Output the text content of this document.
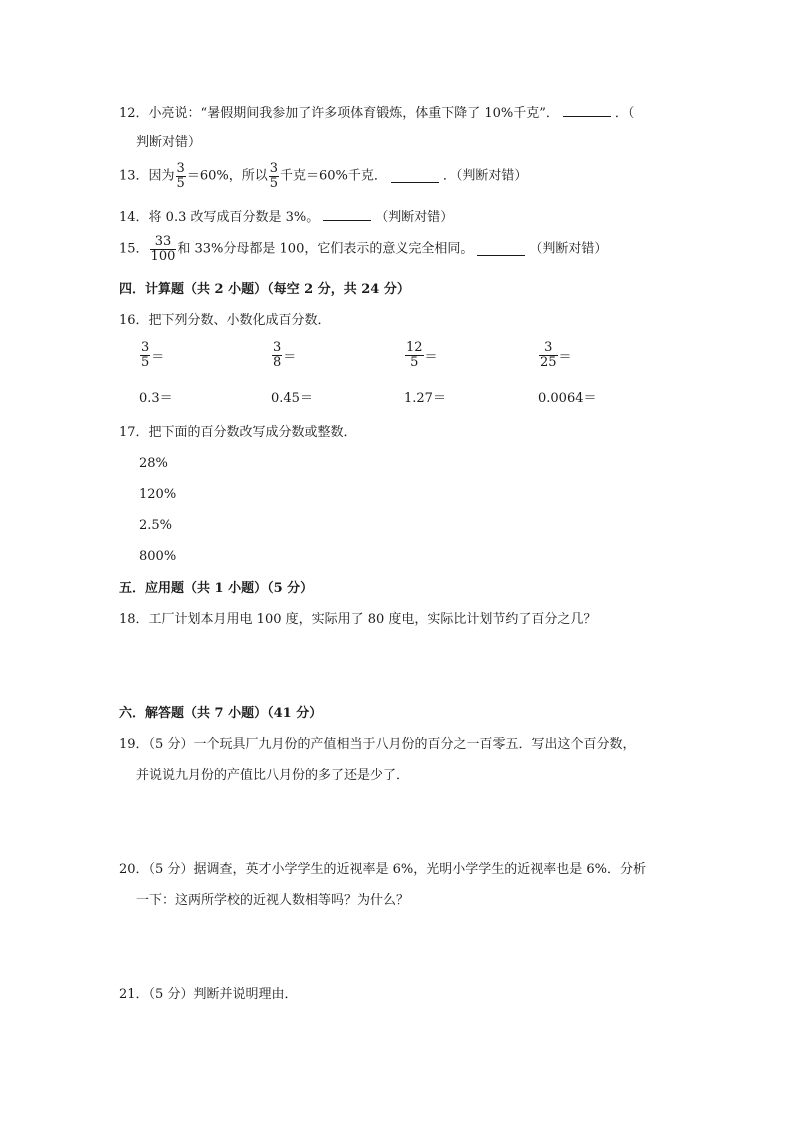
12．小亮说：“暑假期间我参加了许多项体育锻炼，体重下降了 10%千克”．	．（
判断对错）
13．因为 $\frac{3}{5} =60\%$，所以 $\frac{3}{5}$ 千克＝60%千克．	．（判断对错）
14．将 0.3 改写成百分数是 3%。	（判断对错）
15． $\frac{33}{100}$ 和 33%分母都是 100，它们表示的意义完全相同。	（判断对错）
四．计算题（共 2 小题）（每空 2 分，共 24 分）
16．把下列分数、小数化成百分数．
$\frac{3}{5}$ ＝	$\frac{3}{8}$ ＝	$\frac{12}{5}$ ＝	$\frac{3}{25}$ ＝
0.3＝	0.45＝	1.27＝	0.0064＝
17．把下面的百分数改写成分数或整数．
28%
120%
2.5%
800%
五．应用题（共 1 小题）（5 分）
18．工厂计划本月用电 100 度，实际用了 80 度电，实际比计划节约了百分之几？
六．解答题（共 7 小题）（41 分）
19．（5 分）一个玩具厂九月份的产值相当于八月份的百分之一百零五．写出这个百分数，
并说说九月份的产值比八月份的多了还是少了．
20．（5 分）据调查，英才小学学生的近视率是 6%，光明小学学生的近视率也是 6%．分析
一下：这两所学校的近视人数相等吗？为什么？
21．（5 分）判断并说明理由．
